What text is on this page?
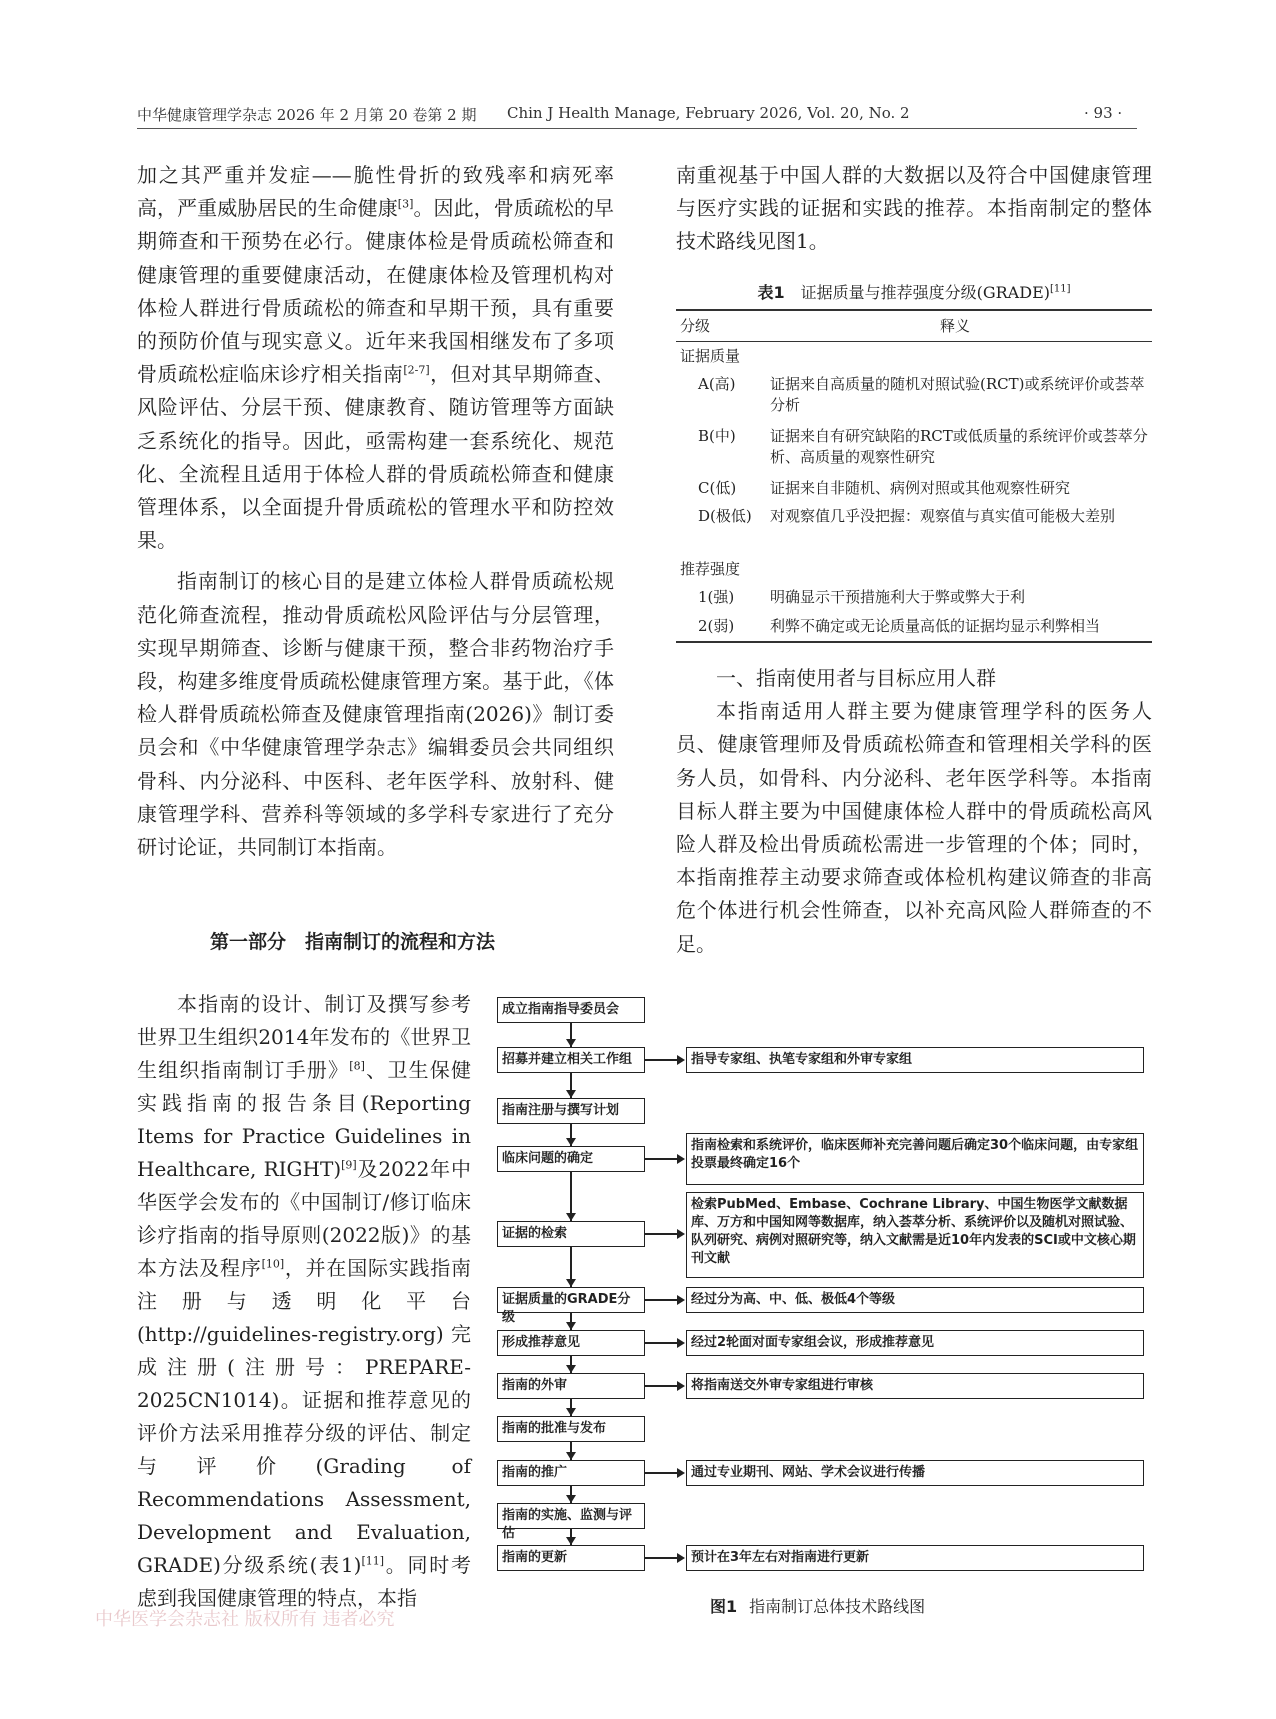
中华健康管理学杂志 2026 年 2 月第 20 卷第 2 期 Chin J Health Manage, February 2026, Vol. 20, No. 2	· 93 ·

加之其严重并发症——脆性骨折的致残率和病死率高，严重威胁居民的生命健康[3]。因此，骨质疏松的早期筛查和干预势在必行。健康体检是骨质疏松筛查和健康管理的重要健康活动，在健康体检及管理机构对体检人群进行骨质疏松的筛查和早期干预，具有重要的预防价值与现实意义。近年来我国相继发布了多项骨质疏松症临床诊疗相关指南[2-7]，但对其早期筛查、风险评估、分层干预、健康教育、随访管理等方面缺乏系统化的指导。因此，亟需构建一套系统化、规范化、全流程且适用于体检人群的骨质疏松筛查和健康管理体系，以全面提升骨质疏松的管理水平和防控效果。

指南制订的核心目的是建立体检人群骨质疏松规范化筛查流程，推动骨质疏松风险评估与分层管理，实现早期筛查、诊断与健康干预，整合非药物治疗手段，构建多维度骨质疏松健康管理方案。基于此，《体检人群骨质疏松筛查及健康管理指南(2026)》制订委员会和《中华健康管理学杂志》编辑委员会共同组织骨科、内分泌科、中医科、老年医学科、放射科、健康管理学科、营养科等领域的多学科专家进行了充分研讨论证，共同制订本指南。

第一部分　指南制订的流程和方法

本指南的设计、制订及撰写参考世界卫生组织2014年发布的《世界卫生组织指南制订手册》[8]、卫生保健实践指南的报告条目(Reporting Items for Practice Guidelines in Healthcare, RIGHT)[9]及2022年中华医学会发布的《中国制订/修订临床诊疗指南的指导原则(2022版)》的基本方法及程序[10]，并在国际实践指南注册与透明化平台(http://guidelines-registry.org)完成注册(注册号：PREPARE-2025CN1014)。证据和推荐意见的评价方法采用推荐分级的评估、制定与评价(Grading of Recommendations Assessment, Development and Evaluation, GRADE)分级系统(表1)[11]。同时考虑到我国健康管理的特点，本指

南重视基于中国人群的大数据以及符合中国健康管理与医疗实践的证据和实践的推荐。本指南制定的整体技术路线见图1。

表1 证据质量与推荐强度分级(GRADE)[11]
分级	释义
证据质量
A(高) 证据来自高质量的随机对照试验(RCT)或系统评价或荟萃分析
B(中) 证据来自有研究缺陷的RCT或低质量的系统评价或荟萃分析、高质量的观察性研究
C(低) 证据来自非随机、病例对照或其他观察性研究
D(极低) 对观察值几乎没把握：观察值与真实值可能极大差别
推荐强度
1(强) 明确显示干预措施利大于弊或弊大于利
2(弱) 利弊不确定或无论质量高低的证据均显示利弊相当
一、指南使用者与目标应用人群

本指南适用人群主要为健康管理学科的医务人员、健康管理师及骨质疏松筛查和管理相关学科的医务人员，如骨科、内分泌科、老年医学科等。本指南目标人群主要为中国健康体检人群中的骨质疏松高风险人群及检出骨质疏松需进一步管理的个体；同时，本指南推荐主动要求筛查或体检机构建议筛查的非高危个体进行机会性筛查，以补充高风险人群筛查的不足。

成立指南指导委员会
招募并建立相关工作组
指南注册与撰写计划
临床问题的确定
证据的检索
证据质量的GRADE分级
形成推荐意见
指南的外审
指南的批准与发布
指南的推广
指南的实施、监测与评估
指南的更新
指导专家组、执笔专家组和外审专家组
指南检索和系统评价，临床医师补充完善问题后确定30个临床问题，由专家组投票最终确定16个
检索PubMed、Embase、Cochrane Library、中国生物医学文献数据库、万方和中国知网等数据库，纳入荟萃分析、系统评价以及随机对照试验、队列研究、病例对照研究等，纳入文献需是近10年内发表的SCI或中文核心期刊文献
经过分为高、中、低、极低4个等级
经过2轮面对面专家组会议，形成推荐意见
将指南送交外审专家组进行审核
通过专业期刊、网站、学术会议进行传播
预计在3年左右对指南进行更新
图1 指南制订总体技术路线图
中华医学会杂志社 版权所有 违者必究
